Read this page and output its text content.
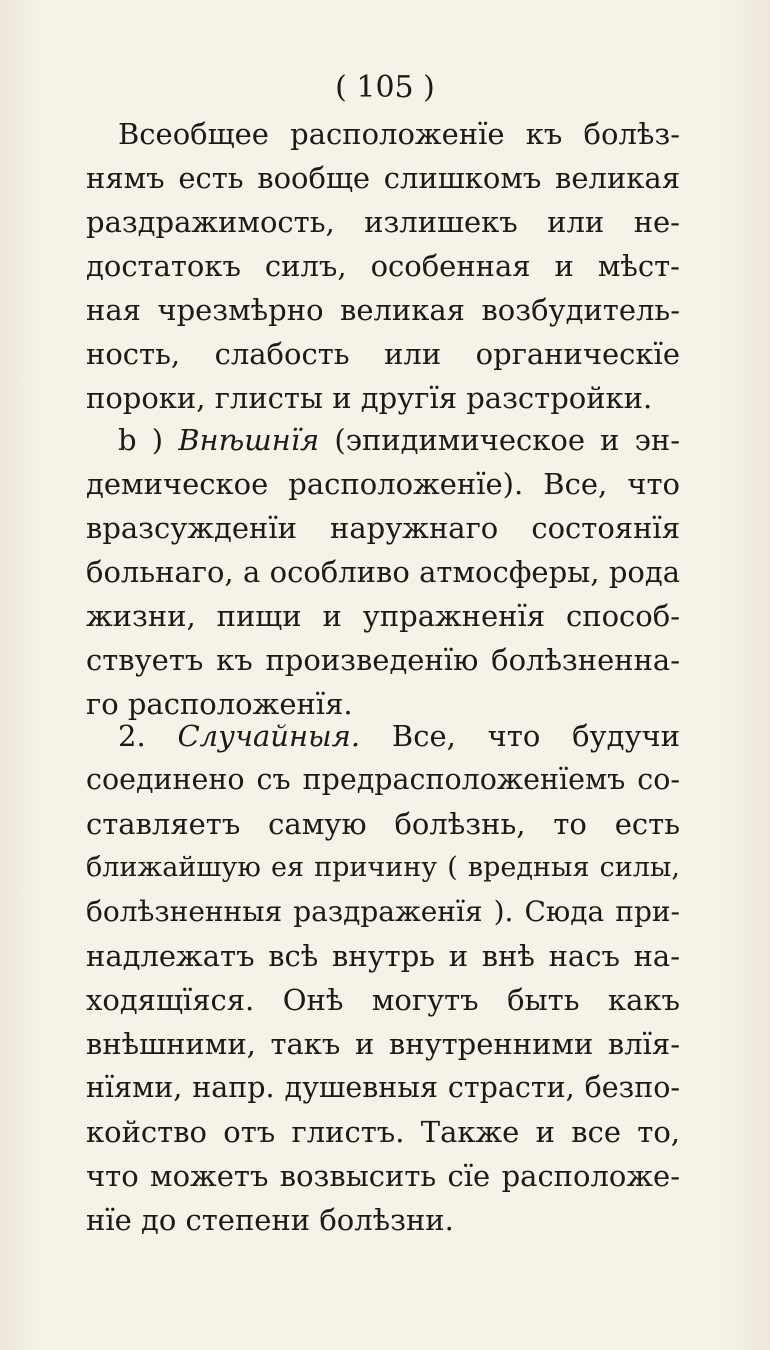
( 105 )
Всеобщее расположенїе къ болѣз-
нямъ есть вообще слишкомъ великая
раздражимость, излишекъ или не-
достатокъ силъ, особенная и мѣст-
ная чрезмѣрно великая возбудитель-
ность, слабость или органическїе
пороки, глисты и другїя разстройки.
b ) Внѣшнїя (эпидимическое и эн-
демическое расположенїе). Все, что
вразсужденїи наружнаго состоянїя
больнаго, а особливо атмосферы, рода
жизни, пищи и упражненїя способ-
ствуетъ къ произведенїю болѣзненна-
го расположенїя.
2. Случайныя. Все, что будучи
соединено съ предрасположенїемъ со-
ставляетъ самую болѣзнь, то есть
ближайшую ея причину ( вредныя силы,
болѣзненныя раздраженїя ). Сюда при-
надлежатъ всѣ внутрь и внѣ насъ на-
ходящїяся. Онѣ могутъ быть какъ
внѣшними, такъ и внутренними влїя-
нїями, напр. душевныя страсти, безпо-
койство отъ глистъ. Также и все то,
что можетъ возвысить сїе расположе-
нїе до степени болѣзни.
